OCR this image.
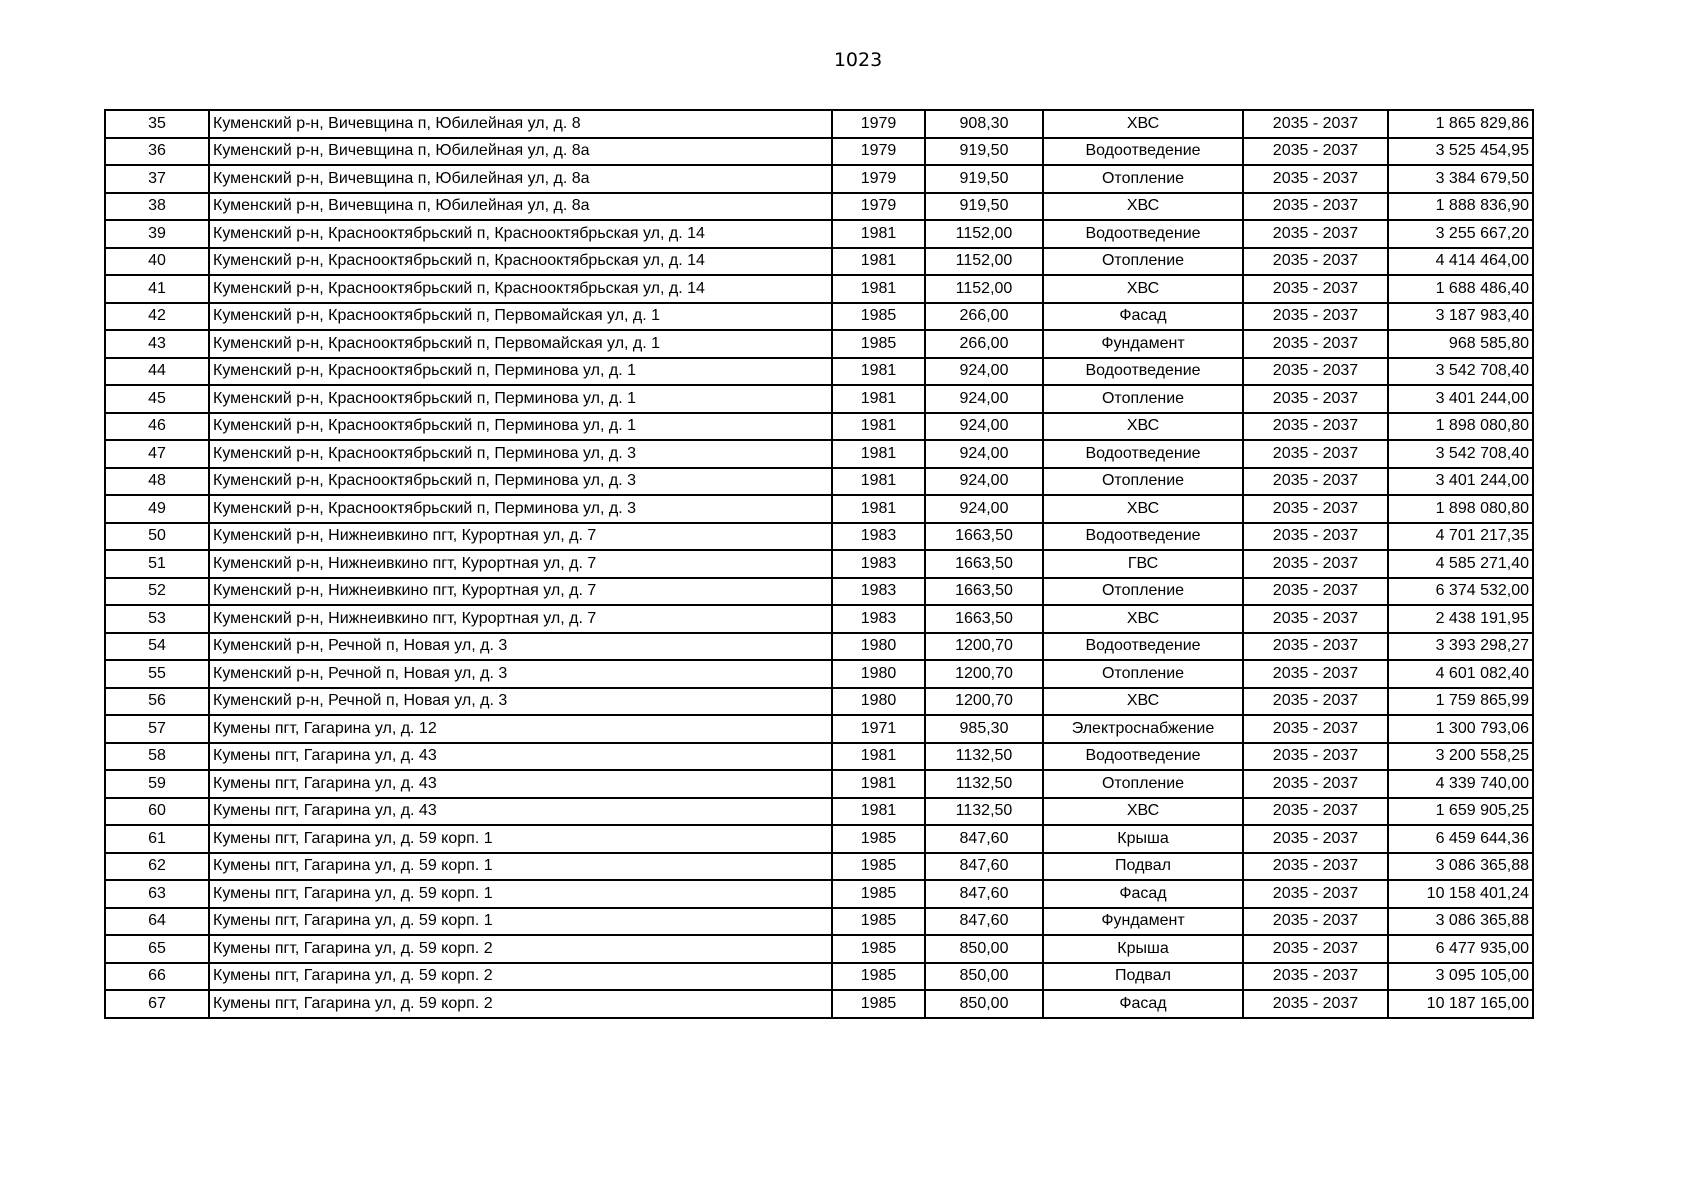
1023
35	Куменский р-н, Вичевщина п, Юбилейная ул, д. 8	1979	908,30	ХВС	2035 - 2037	1 865 829,86
36	Куменский р-н, Вичевщина п, Юбилейная ул, д. 8а	1979	919,50	Водоотведение	2035 - 2037	3 525 454,95
37	Куменский р-н, Вичевщина п, Юбилейная ул, д. 8а	1979	919,50	Отопление	2035 - 2037	3 384 679,50
38	Куменский р-н, Вичевщина п, Юбилейная ул, д. 8а	1979	919,50	ХВС	2035 - 2037	1 888 836,90
39	Куменский р-н, Краснооктябрьский п, Краснооктябрьская ул, д. 14	1981	1152,00	Водоотведение	2035 - 2037	3 255 667,20
40	Куменский р-н, Краснооктябрьский п, Краснооктябрьская ул, д. 14	1981	1152,00	Отопление	2035 - 2037	4 414 464,00
41	Куменский р-н, Краснооктябрьский п, Краснооктябрьская ул, д. 14	1981	1152,00	ХВС	2035 - 2037	1 688 486,40
42	Куменский р-н, Краснооктябрьский п, Первомайская ул, д. 1	1985	266,00	Фасад	2035 - 2037	3 187 983,40
43	Куменский р-н, Краснооктябрьский п, Первомайская ул, д. 1	1985	266,00	Фундамент	2035 - 2037	968 585,80
44	Куменский р-н, Краснооктябрьский п, Перминова ул, д. 1	1981	924,00	Водоотведение	2035 - 2037	3 542 708,40
45	Куменский р-н, Краснооктябрьский п, Перминова ул, д. 1	1981	924,00	Отопление	2035 - 2037	3 401 244,00
46	Куменский р-н, Краснооктябрьский п, Перминова ул, д. 1	1981	924,00	ХВС	2035 - 2037	1 898 080,80
47	Куменский р-н, Краснооктябрьский п, Перминова ул, д. 3	1981	924,00	Водоотведение	2035 - 2037	3 542 708,40
48	Куменский р-н, Краснооктябрьский п, Перминова ул, д. 3	1981	924,00	Отопление	2035 - 2037	3 401 244,00
49	Куменский р-н, Краснооктябрьский п, Перминова ул, д. 3	1981	924,00	ХВС	2035 - 2037	1 898 080,80
50	Куменский р-н, Нижнеивкино пгт, Курортная ул, д. 7	1983	1663,50	Водоотведение	2035 - 2037	4 701 217,35
51	Куменский р-н, Нижнеивкино пгт, Курортная ул, д. 7	1983	1663,50	ГВС	2035 - 2037	4 585 271,40
52	Куменский р-н, Нижнеивкино пгт, Курортная ул, д. 7	1983	1663,50	Отопление	2035 - 2037	6 374 532,00
53	Куменский р-н, Нижнеивкино пгт, Курортная ул, д. 7	1983	1663,50	ХВС	2035 - 2037	2 438 191,95
54	Куменский р-н, Речной п, Новая ул, д. 3	1980	1200,70	Водоотведение	2035 - 2037	3 393 298,27
55	Куменский р-н, Речной п, Новая ул, д. 3	1980	1200,70	Отопление	2035 - 2037	4 601 082,40
56	Куменский р-н, Речной п, Новая ул, д. 3	1980	1200,70	ХВС	2035 - 2037	1 759 865,99
57	Кумены пгт, Гагарина ул, д. 12	1971	985,30	Электроснабжение	2035 - 2037	1 300 793,06
58	Кумены пгт, Гагарина ул, д. 43	1981	1132,50	Водоотведение	2035 - 2037	3 200 558,25
59	Кумены пгт, Гагарина ул, д. 43	1981	1132,50	Отопление	2035 - 2037	4 339 740,00
60	Кумены пгт, Гагарина ул, д. 43	1981	1132,50	ХВС	2035 - 2037	1 659 905,25
61	Кумены пгт, Гагарина ул, д. 59 корп. 1	1985	847,60	Крыша	2035 - 2037	6 459 644,36
62	Кумены пгт, Гагарина ул, д. 59 корп. 1	1985	847,60	Подвал	2035 - 2037	3 086 365,88
63	Кумены пгт, Гагарина ул, д. 59 корп. 1	1985	847,60	Фасад	2035 - 2037	10 158 401,24
64	Кумены пгт, Гагарина ул, д. 59 корп. 1	1985	847,60	Фундамент	2035 - 2037	3 086 365,88
65	Кумены пгт, Гагарина ул, д. 59 корп. 2	1985	850,00	Крыша	2035 - 2037	6 477 935,00
66	Кумены пгт, Гагарина ул, д. 59 корп. 2	1985	850,00	Подвал	2035 - 2037	3 095 105,00
67	Кумены пгт, Гагарина ул, д. 59 корп. 2	1985	850,00	Фасад	2035 - 2037	10 187 165,00
